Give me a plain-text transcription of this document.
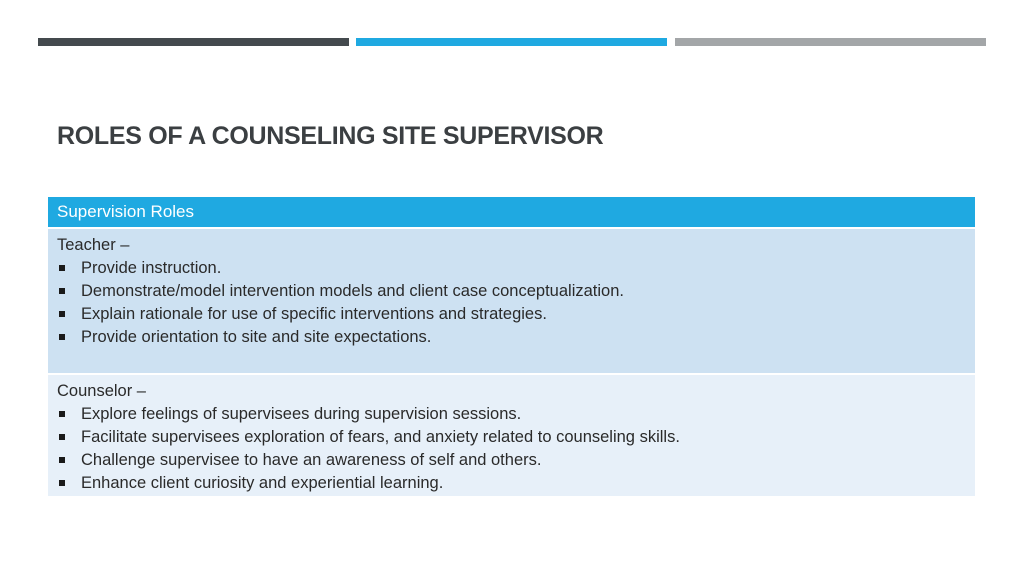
ROLES OF A COUNSELING SITE SUPERVISOR
Supervision Roles

Teacher –
Provide instruction.
Demonstrate/model intervention models and client case conceptualization.
Explain rationale for use of specific interventions and strategies.
Provide orientation to site and site expectations.

Counselor –
Explore feelings of supervisees during supervision sessions.
Facilitate supervisees exploration of fears, and anxiety related to counseling skills.
Challenge supervisee to have an awareness of self and others.
Enhance client curiosity and experiential learning.
